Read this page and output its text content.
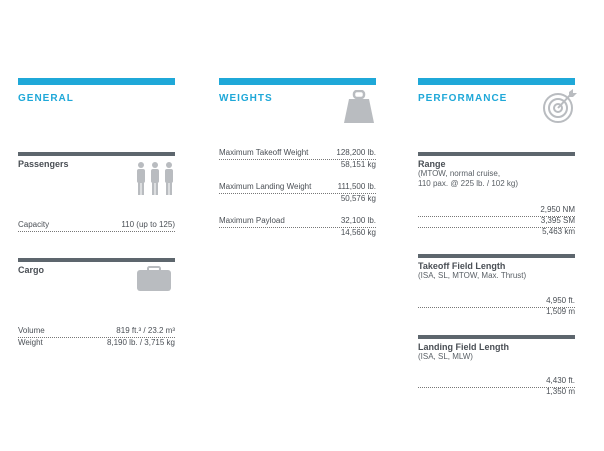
GENERAL
Passengers
Capacity	110 (up to 125)
Cargo
Volume	819 ft.³ / 23.2 m³
Weight	8,190 lb. / 3,715 kg
WEIGHTS
Maximum Takeoff Weight	128,200 lb.
58,151 kg
Maximum Landing Weight	111,500 lb.
50,576 kg
Maximum Payload	32,100 lb.
14,560 kg
PERFORMANCE
Range
(MTOW, normal cruise,
110 pax. @ 225 lb. / 102 kg)
2,950 NM
3,395 SM
5,463 km
Takeoff Field Length
(ISA, SL, MTOW, Max. Thrust)
4,950 ft.
1,509 m
Landing Field Length
(ISA, SL, MLW)
4,430 ft.
1,350 m
